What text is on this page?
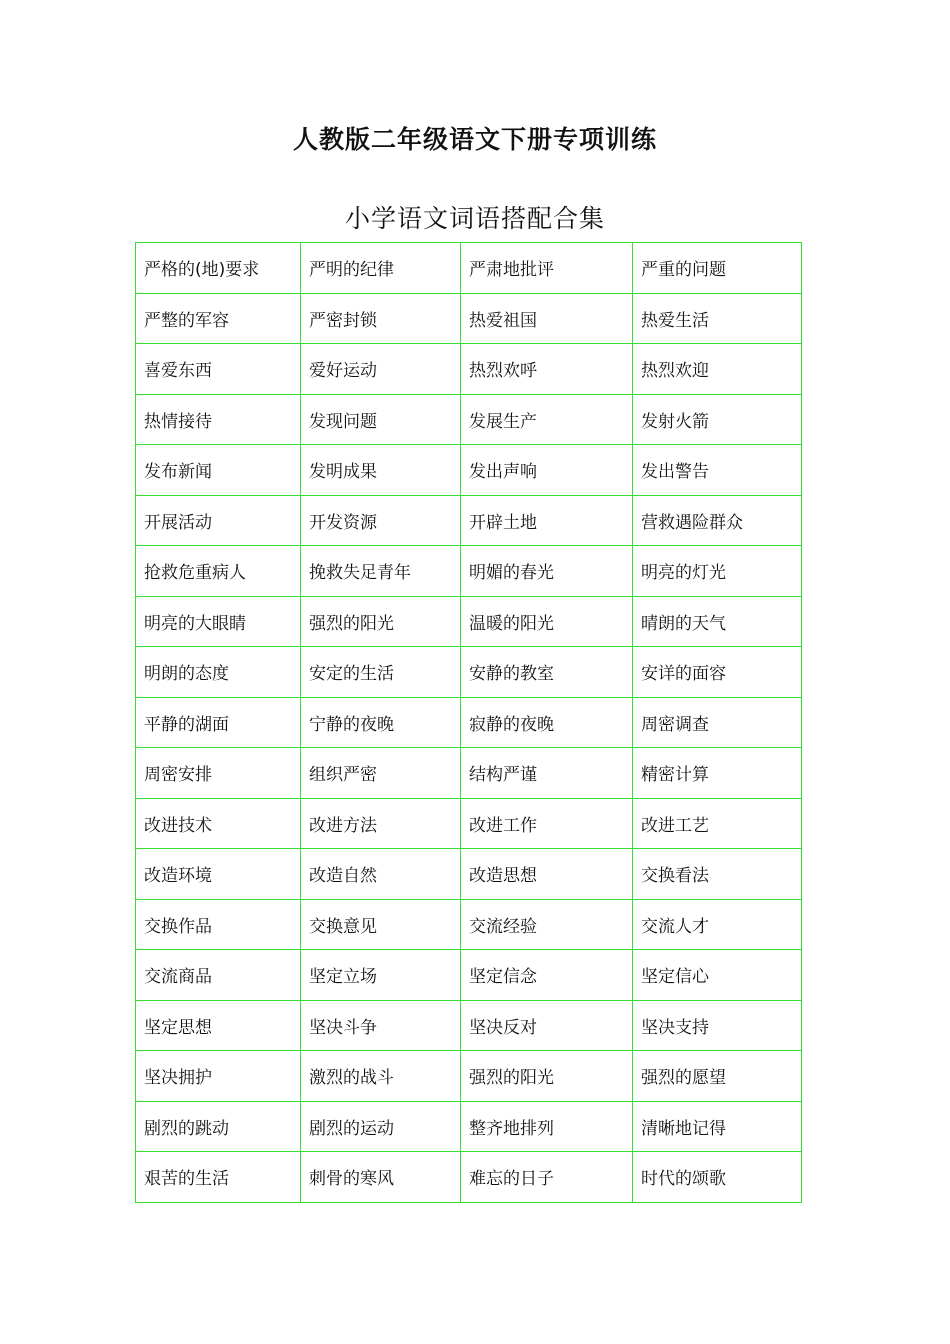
人教版二年级语文下册专项训练
小学语文词语搭配合集
严格的(地)要求	严明的纪律	严肃地批评	严重的问题
严整的军容	严密封锁	热爱祖国	热爱生活
喜爱东西	爱好运动	热烈欢呼	热烈欢迎
热情接待	发现问题	发展生产	发射火箭
发布新闻	发明成果	发出声响	发出警告
开展活动	开发资源	开辟土地	营救遇险群众
抢救危重病人	挽救失足青年	明媚的春光	明亮的灯光
明亮的大眼睛	强烈的阳光	温暖的阳光	晴朗的天气
明朗的态度	安定的生活	安静的教室	安详的面容
平静的湖面	宁静的夜晚	寂静的夜晚	周密调查
周密安排	组织严密	结构严谨	精密计算
改进技术	改进方法	改进工作	改进工艺
改造环境	改造自然	改造思想	交换看法
交换作品	交换意见	交流经验	交流人才
交流商品	坚定立场	坚定信念	坚定信心
坚定思想	坚决斗争	坚决反对	坚决支持
坚决拥护	激烈的战斗	强烈的阳光	强烈的愿望
剧烈的跳动	剧烈的运动	整齐地排列	清晰地记得
艰苦的生活	刺骨的寒风	难忘的日子	时代的颂歌
